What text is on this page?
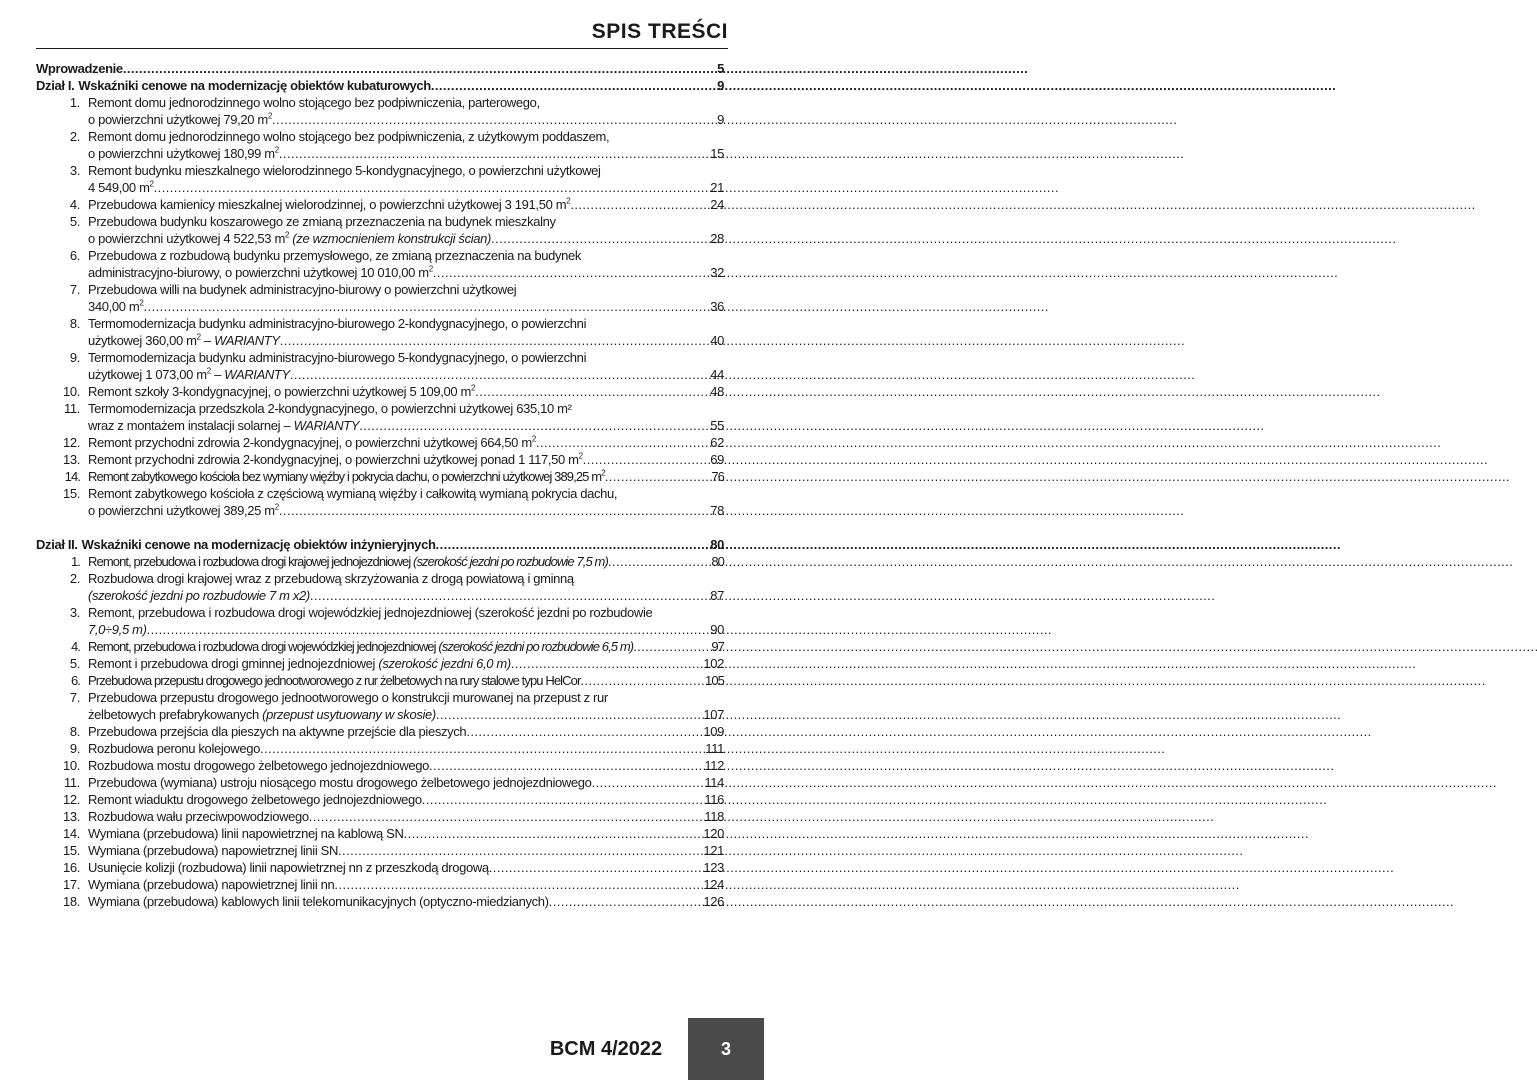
SPIS TREŚCI
Wprowadzenie . . .	5
Dział I. Wskaźniki cenowe na modernizację obiektów kubaturowych . . .	9
1. Remont domu jednorodzinnego wolno stojącego bez podpiwniczenia, parterowego,
o powierzchni użytkowej 79,20 $m^2$ . . .	9
2. Remont domu jednorodzinnego wolno stojącego bez podpiwniczenia, z użytkowym poddaszem,
o powierzchni użytkowej 180,99 $m^2$ . . .	15
3. Remont budynku mieszkalnego wielorodzinnego 5-kondygnacyjnego, o powierzchni użytkowej
4 549,00 $m^2$ . . .	21
4. Przebudowa kamienicy mieszkalnej wielorodzinnej, o powierzchni użytkowej 3 191,50 $m^2$ . . .	24
5. Przebudowa budynku koszarowego ze zmianą przeznaczenia na budynek mieszkalny
o powierzchni użytkowej 4 522,53 $m^2$ (ze wzmocnieniem konstrukcji ścian) . . .	28
6. Przebudowa z rozbudową budynku przemysłowego, ze zmianą przeznaczenia na budynek
administracyjno-biurowy, o powierzchni użytkowej 10 010,00 $m^2$ . . .	32
7. Przebudowa willi na budynek administracyjno-biurowy o powierzchni użytkowej
340,00 $m^2$ . . .	36
8. Termomodernizacja budynku administracyjno-biurowego 2-kondygnacyjnego, o powierzchni
użytkowej 360,00 $m^2$ – WARIANTY . . .	40
9. Termomodernizacja budynku administracyjno-biurowego 5-kondygnacyjnego, o powierzchni
użytkowej 1 073,00 $m^2$ – WARIANTY . . .	44
10. Remont szkoły 3-kondygnacyjnej, o powierzchni użytkowej 5 109,00 $m^2$ . . .	48
11. Termomodernizacja przedszkola 2-kondygnacyjnego, o powierzchni użytkowej 635,10 m²
wraz z montażem instalacji solarnej – WARIANTY . . .	55
12. Remont przychodni zdrowia 2-kondygnacyjnej, o powierzchni użytkowej 664,50 $m^2$ . . .	62
13. Remont przychodni zdrowia 2-kondygnacyjnej, o powierzchni użytkowej ponad 1 117,50 $m^2$ . . .	69
14. Remont zabytkowego kościoła bez wymiany więźby i pokrycia dachu, o powierzchni użytkowej 389,25 $m^2$ . . .	76
15. Remont zabytkowego kościoła z częściową wymianą więźby i całkowitą wymianą pokrycia dachu,
o powierzchni użytkowej 389,25 $m^2$ . . .	78
Dział II. Wskaźniki cenowe na modernizację obiektów inżynieryjnych . . .	80
1. Remont, przebudowa i rozbudowa drogi krajowej jednojezdniowej (szerokość jezdni po rozbudowie 7,5 m) . . .	80
2. Rozbudowa drogi krajowej wraz z przebudową skrzyżowania z drogą powiatową i gminną
(szerokość jezdni po rozbudowie 7 m x2) . . .	87
3. Remont, przebudowa i rozbudowa drogi wojewódzkiej jednojezdniowej (szerokość jezdni po rozbudowie
7,0÷9,5 m) . . .	90
4. Remont, przebudowa i rozbudowa drogi wojewódzkiej jednojezdniowej (szerokość jezdni po rozbudowie 6,5 m) . . .	97
5. Remont i przebudowa drogi gminnej jednojezdniowej (szerokość jezdni 6,0 m) . . .	102
6. Przebudowa przepustu drogowego jednootworowego z rur żelbetowych na rury stalowe typu HelCor . . .	105
7. Przebudowa przepustu drogowego jednootworowego o konstrukcji murowanej na przepust z rur
żelbetowych prefabrykowanych (przepust usytuowany w skosie) . . .	107
8. Przebudowa przejścia dla pieszych na aktywne przejście dla pieszych . . .	109
9. Rozbudowa peronu kolejowego . . .	111
10. Rozbudowa mostu drogowego żelbetowego jednojezdniowego . . .	112
11. Przebudowa (wymiana) ustroju niosącego mostu drogowego żelbetowego jednojezdniowego . . .	114
12. Remont wiaduktu drogowego żelbetowego jednojezdniowego . . .	116
13. Rozbudowa wału przeciwpowodziowego . . .	118
14. Wymiana (przebudowa) linii napowietrznej na kablową SN . . .	120
15. Wymiana (przebudowa) napowietrznej linii SN . . .	121
16. Usunięcie kolizji (rozbudowa) linii napowietrznej nn z przeszkodą drogową . . .	123
17. Wymiana (przebudowa) napowietrznej linii nn . . .	124
18. Wymiana (przebudowa) kablowych linii telekomunikacyjnych (optyczno-miedzianych) . . .	126
BCM 4/2022	3
